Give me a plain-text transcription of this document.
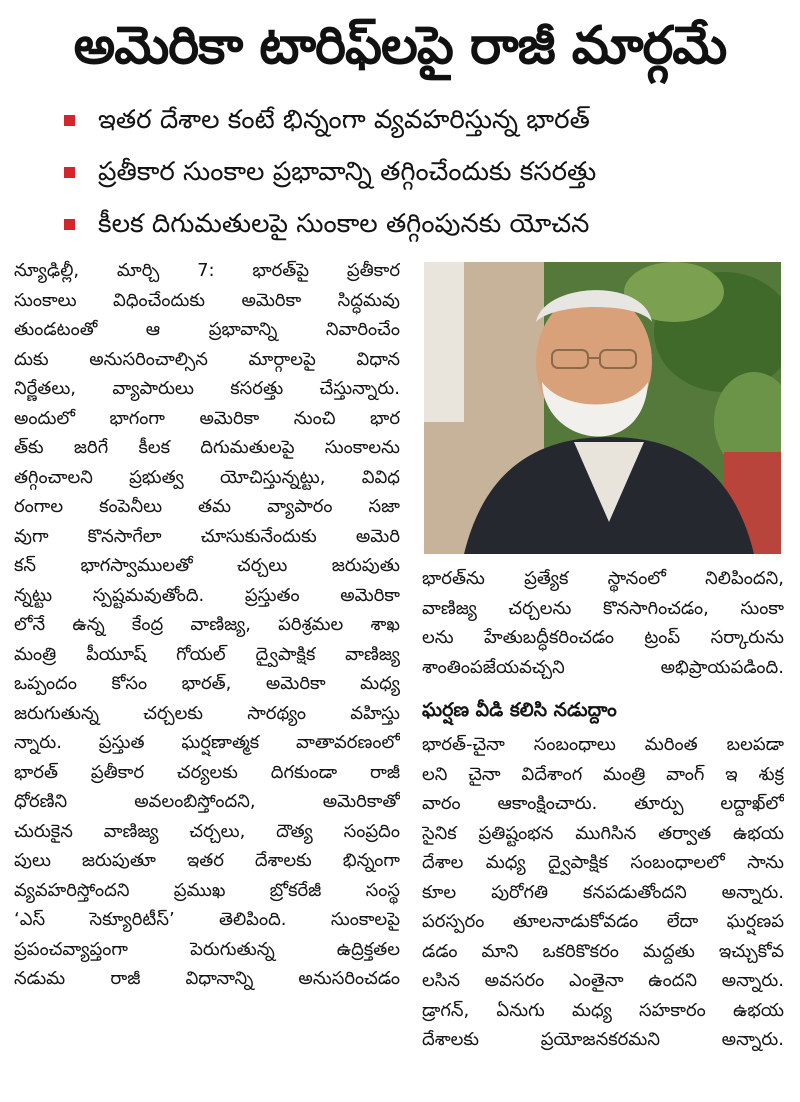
అమెరికా టారిఫ్‌లపై రాజీ మార్గమే
ఇతర దేశాల కంటే భిన్నంగా వ్యవహరిస్తున్న భారత్
ప్రతీకార సుంకాల ప్రభావాన్ని తగ్గించేందుకు కసరత్తు
కీలక దిగుమతులపై సుంకాల తగ్గింపునకు యోచన
న్యూఢిల్లీ, మార్చి 7: భారత్‌పై ప్రతీకార
సుంకాలు విధించేందుకు అమెరికా సిద్ధమవు
తుండటంతో ఆ ప్రభావాన్ని నివారించేం
దుకు అనుసరించాల్సిన మార్గాలపై విధాన
నిర్ణేతలు, వ్యాపారులు కసరత్తు చేస్తున్నారు.
అందులో భాగంగా అమెరికా నుంచి భార
త్‌కు జరిగే కీలక దిగుమతులపై సుంకాలను
తగ్గించాలని ప్రభుత్వ యోచిస్తున్నట్టు, వివిధ
రంగాల కంపెనీలు తమ వ్యాపారం సజా
వుగా కొనసాగేలా చూసుకునేందుకు అమెరి
కన్ భాగస్వాములతో చర్చలు జరుపుతు
న్నట్టు స్పష్టమవుతోంది. ప్రస్తుతం అమెరికా
లోనే ఉన్న కేంద్ర వాణిజ్య, పరిశ్రమల శాఖ
మంత్రి పీయూష్ గోయల్ ద్వైపాక్షిక వాణిజ్య
ఒప్పందం కోసం భారత్, అమెరికా మధ్య
జరుగుతున్న చర్చలకు సారథ్యం వహిస్తు
న్నారు. ప్రస్తుత ఘర్షణాత్మక వాతావరణంలో
భారత్ ప్రతీకార చర్యలకు దిగకుండా రాజీ
ధోరణిని అవలంబిస్తోందని, అమెరికాతో
చురుకైన వాణిజ్య చర్చలు, దౌత్య సంప్రదిం
పులు జరుపుతూ ఇతర దేశాలకు భిన్నంగా
వ్యవహరిస్తోందని ప్రముఖ బ్రోకరేజీ సంస్థ
‘ఎస్ సెక్యూరిటీస్’ తెలిపింది. సుంకాలపై
ప్రపంచవ్యాప్తంగా పెరుగుతున్న ఉద్రిక్తతల
నడుమ రాజీ విధానాన్ని అనుసరించడం
భారత్‌ను ప్రత్యేక స్థానంలో నిలిపిందని,
వాణిజ్య చర్చలను కొనసాగించడం, సుంకా
లను హేతుబద్ధీకరించడం ట్రంప్ సర్కారును
శాంతింపజేయవచ్చని అభిప్రాయపడింది.
ఘర్షణ వీడి కలిసి నడుద్దాం
భారత్-చైనా సంబంధాలు మరింత బలపడా
లని చైనా విదేశాంగ మంత్రి వాంగ్ ఇ శుక్ర
వారం ఆకాంక్షించారు. తూర్పు లద్దాఖ్‌లో
సైనిక ప్రతిష్టంభన ముగిసిన తర్వాత ఉభయ
దేశాల మధ్య ద్వైపాక్షిక సంబంధాలలో సాను
కూల పురోగతి కనపడుతోందని అన్నారు.
పరస్పరం తూలనాడుకోవడం లేదా ఘర్షణప
డడం మాని ఒకరికొకరం మద్దతు ఇచ్చుకోవ
లసిన అవసరం ఎంతైనా ఉందని అన్నారు.
డ్రాగన్, ఏనుగు మధ్య సహకారం ఉభయ
దేశాలకు ప్రయోజనకరమని అన్నారు.
